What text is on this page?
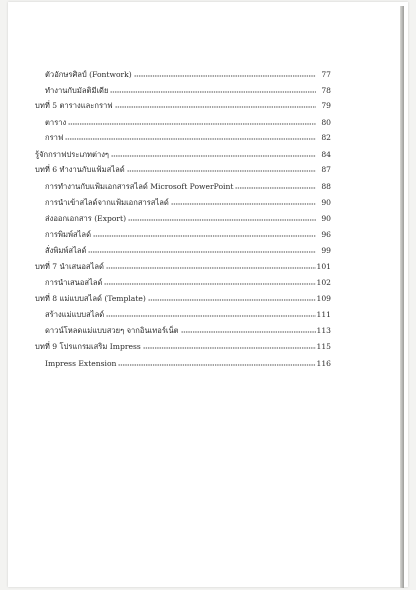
ตัวอักษรศิลป์ (Fontwork)	77
ทำงานกับมัลติมีเดีย	78
บทที่ 5 ตารางและกราฟ	79
ตาราง	80
กราฟ	82
รู้จักกราฟประเภทต่างๆ	84
บทที่ 6 ทำงานกับแฟ้มสไลด์	87
การทำงานกับแฟ้มเอกสารสไลด์ Microsoft PowerPoint	88
การนำเข้าสไลด์จากแฟ้มเอกสารสไลด์	90
ส่งออกเอกสาร (Export)	90
การพิมพ์สไลด์	96
สั่งพิมพ์สไลด์	99
บทที่ 7 นำเสนอสไลด์	101
การนำเสนอสไลด์	102
บทที่ 8 แม่แบบสไลด์ (Template)	109
สร้างแม่แบบสไลด์	111
ดาวน์โหลดแม่แบบสวยๆ จากอินเทอร์เน็ต	113
บทที่ 9 โปรแกรมเสริม Impress	115
Impress Extension	116
